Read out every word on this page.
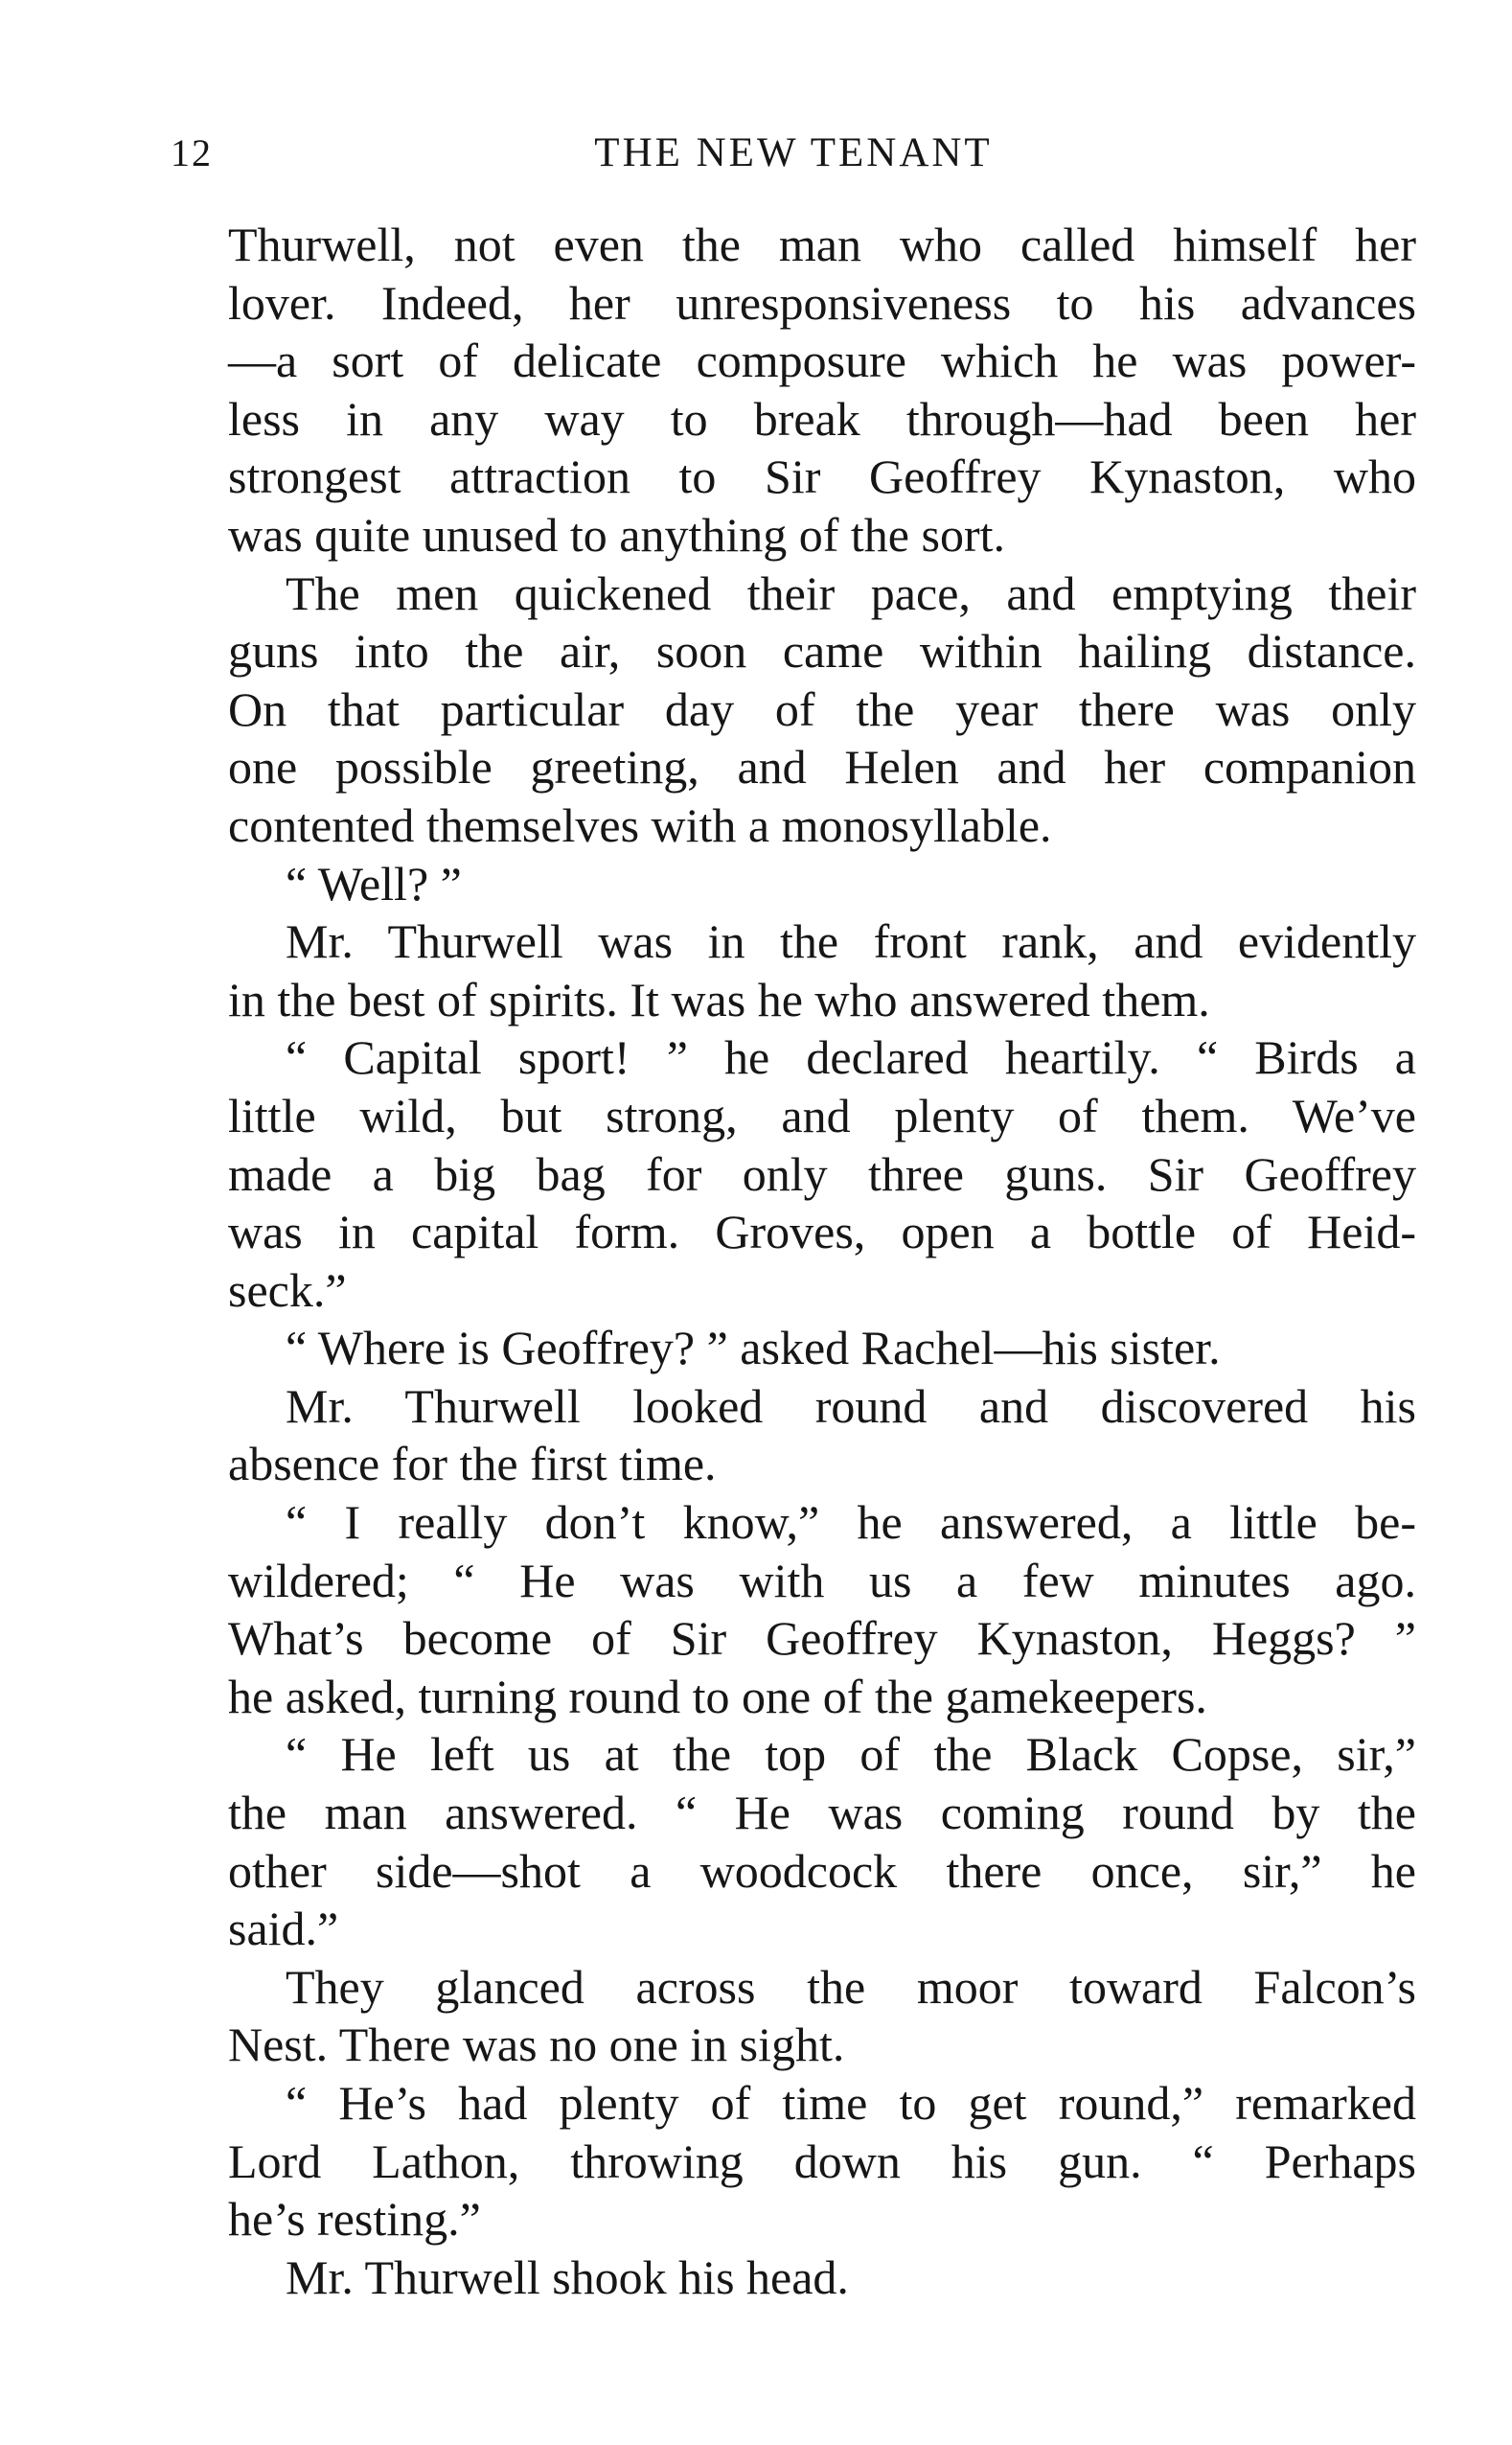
12	THE NEW TENANT
Thurwell, not even the man who called himself her
lover. Indeed, her unresponsiveness to his advances
—a sort of delicate composure which he was power-
less in any way to break through—had been her
strongest attraction to Sir Geoffrey Kynaston, who
was quite unused to anything of the sort.
The men quickened their pace, and emptying their
guns into the air, soon came within hailing distance.
On that particular day of the year there was only
one possible greeting, and Helen and her companion
contented themselves with a monosyllable.
“ Well? ”
Mr. Thurwell was in the front rank, and evidently
in the best of spirits. It was he who answered them.
“ Capital sport! ” he declared heartily. “ Birds a
little wild, but strong, and plenty of them. We’ve
made a big bag for only three guns. Sir Geoffrey
was in capital form. Groves, open a bottle of Heid-
seck.”
“ Where is Geoffrey? ” asked Rachel—his sister.
Mr. Thurwell looked round and discovered his
absence for the first time.
“ I really don’t know,” he answered, a little be-
wildered; “ He was with us a few minutes ago.
What’s become of Sir Geoffrey Kynaston, Heggs? ”
he asked, turning round to one of the gamekeepers.
“ He left us at the top of the Black Copse, sir,”
the man answered. “ He was coming round by the
other side—shot a woodcock there once, sir,” he
said.”
They glanced across the moor toward Falcon’s
Nest. There was no one in sight.
“ He’s had plenty of time to get round,” remarked
Lord Lathon, throwing down his gun. “ Perhaps
he’s resting.”
Mr. Thurwell shook his head.
